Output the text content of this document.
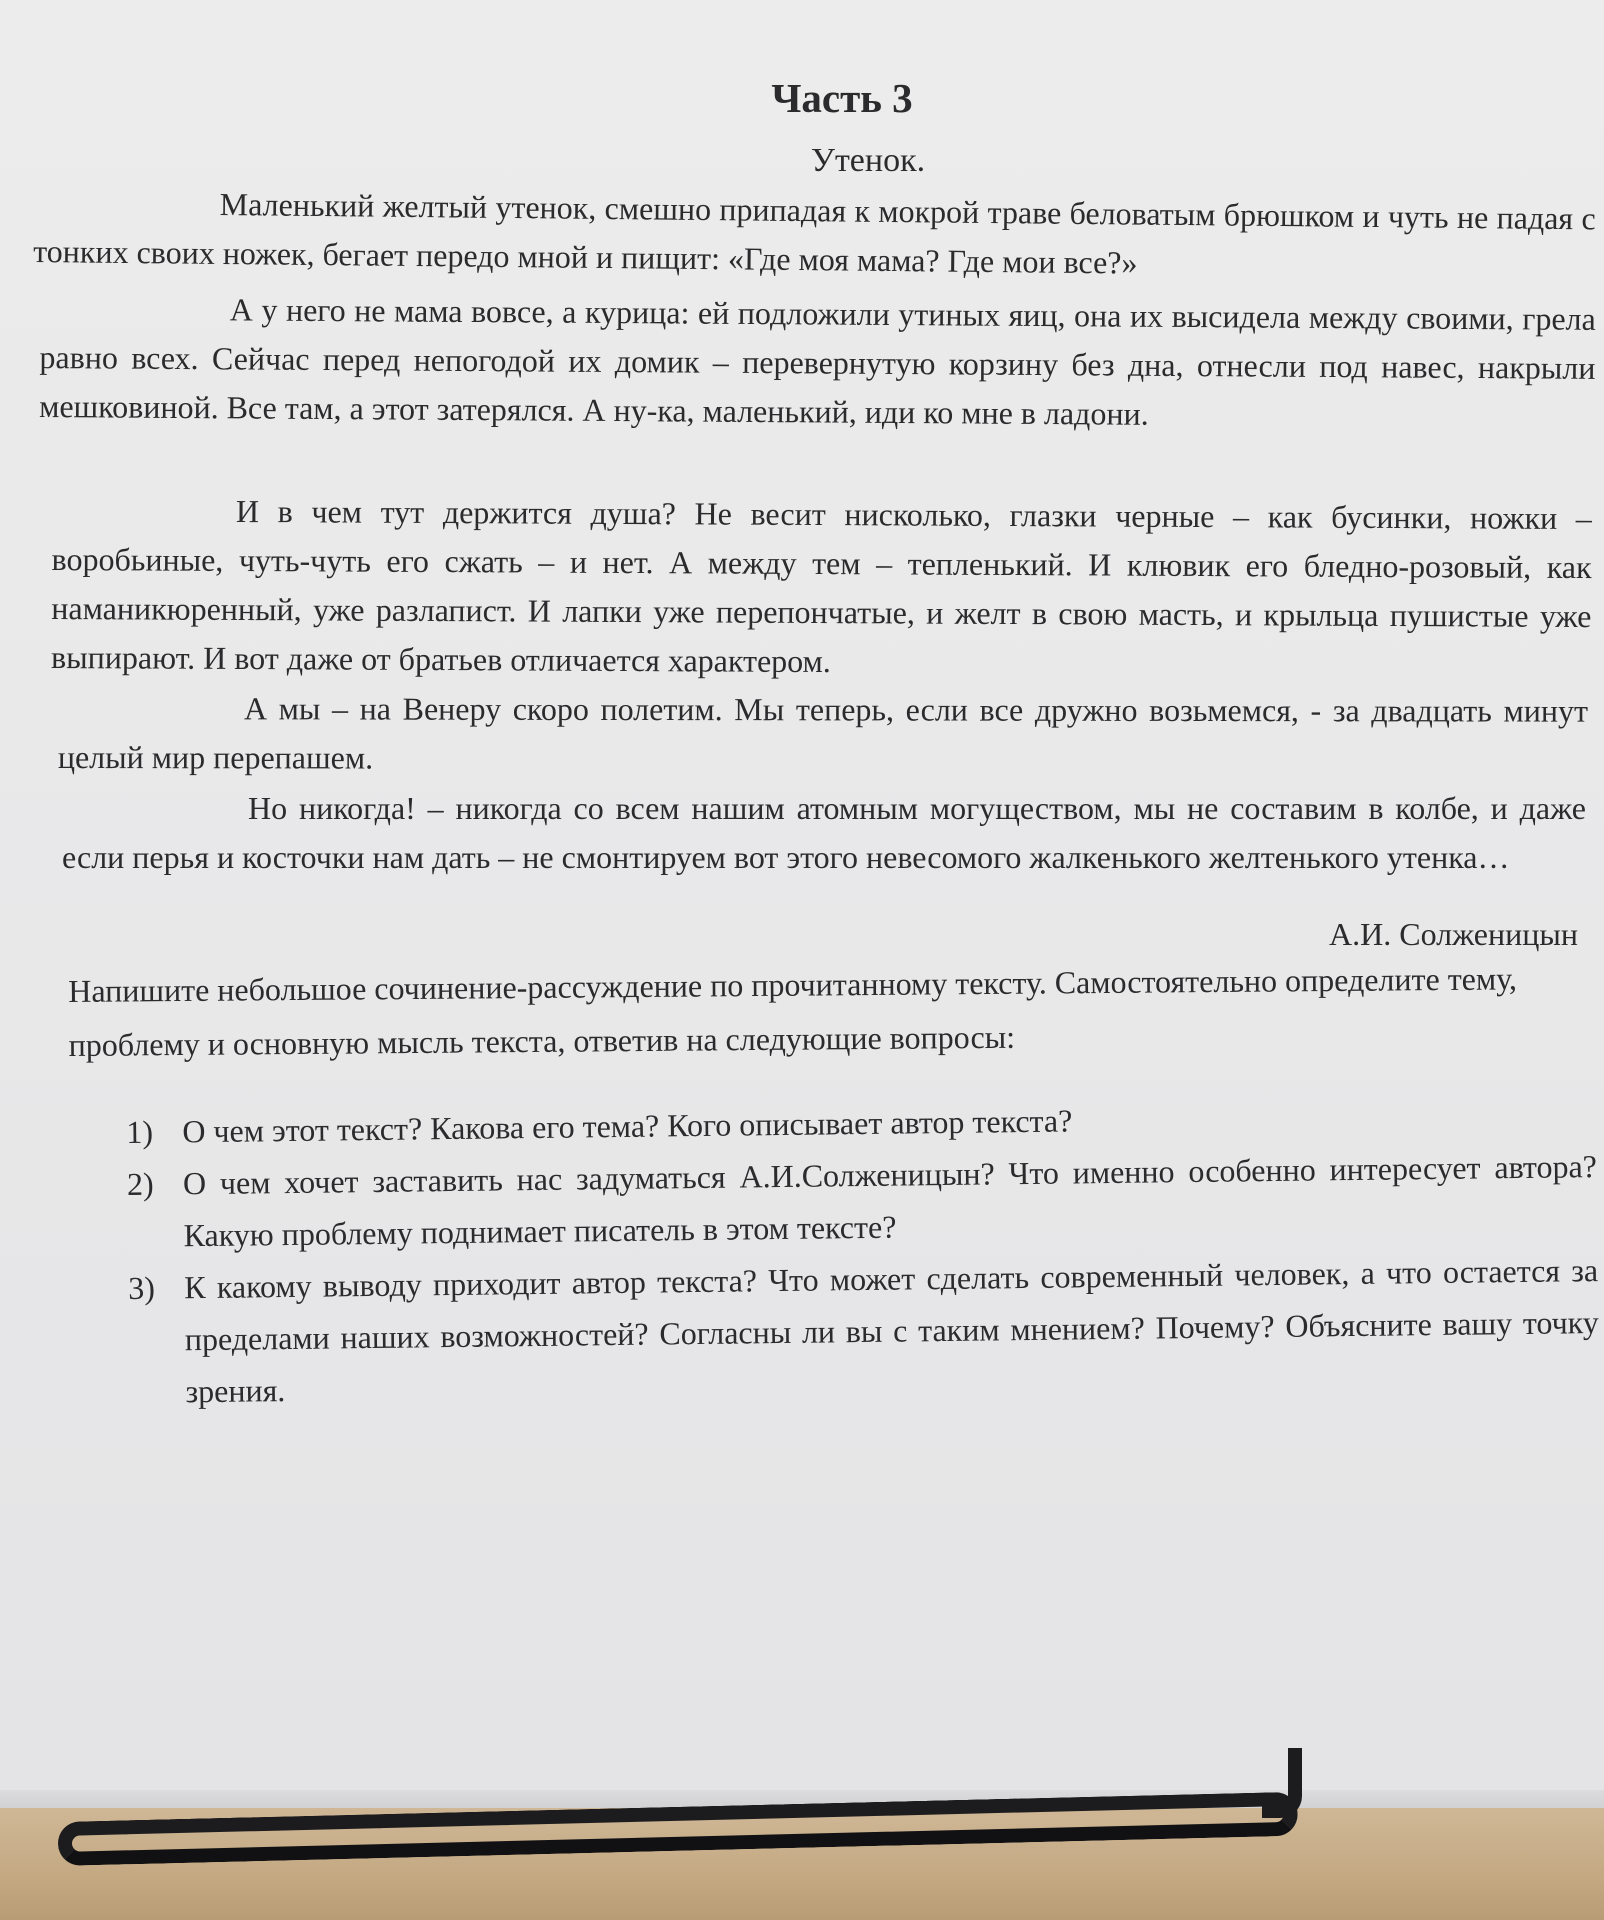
Часть 3
Утенок.

Маленький желтый утенок, смешно припадая к мокрой траве беловатым брюшком и чуть не падая с тонких своих ножек, бегает передо мной и пищит: «Где моя мама? Где мои все?»

А у него не мама вовсе, а курица: ей подложили утиных яиц, она их высидела между своими, грела равно всех. Сейчас перед непогодой их домик – перевернутую корзину без дна, отнесли под навес, накрыли мешковиной. Все там, а этот затерялся. А ну-ка, маленький, иди ко мне в ладони.

И в чем тут держится душа? Не весит нисколько, глазки черные – как бусинки, ножки – воробьиные, чуть-чуть его сжать – и нет. А между тем – тепленький. И клювик его бледно-розовый, как наманикюренный, уже разлапист. И лапки уже перепончатые, и желт в свою масть, и крыльца пушистые уже выпирают. И вот даже от братьев отличается характером.

А мы – на Венеру скоро полетим. Мы теперь, если все дружно возьмемся, - за двадцать минут целый мир перепашем.

Но никогда! – никогда со всем нашим атомным могуществом, мы не составим в колбе, и даже если перья и косточки нам дать – не смонтируем вот этого невесомого жалкенького желтенького утенка…

А.И. Солженицын

Напишите небольшое сочинение-рассуждение по прочитанному тексту. Самостоятельно определите тему, проблему и основную мысль текста, ответив на следующие вопросы:

1) О чем этот текст? Какова его тема? Кого описывает автор текста?
2) О чем хочет заставить нас задуматься А.И.Солженицын? Что именно особенно интересует автора? Какую проблему поднимает писатель в этом тексте?
3) К какому выводу приходит автор текста? Что может сделать современный человек, а что остается за пределами наших возможностей? Согласны ли вы с таким мнением? Почему? Объясните вашу точку зрения.
